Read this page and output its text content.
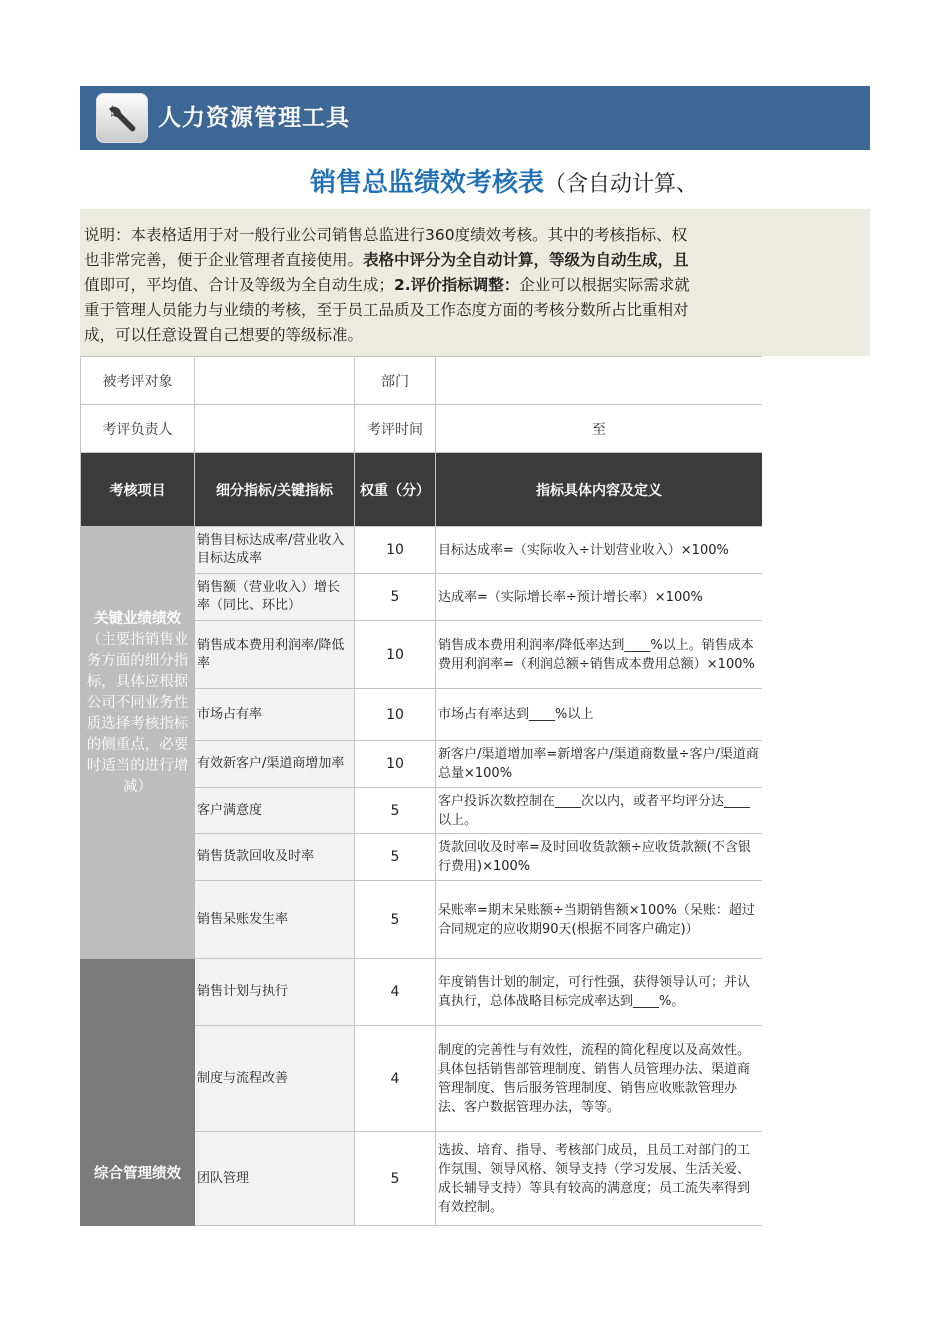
人力资源管理工具
销售总监绩效考核表（含自动计算、
说明：本表格适用于对一般行业公司销售总监进行360度绩效考核。其中的考核指标、权
也非常完善，便于企业管理者直接使用。表格中评分为全自动计算，等级为自动生成，且
值即可，平均值、合计及等级为全自动生成；2.评价指标调整：企业可以根据实际需求就
重于管理人员能力与业绩的考核，至于员工品质及工作态度方面的考核分数所占比重相对
成，可以任意设置自己想要的等级标准。
被考评对象		部门	
考评负责人		考评时间	至
考核项目	细分指标/关键指标	权重（分）	指标具体内容及定义

关键业绩绩效
（主要指销售业务方面的细分指标，具体应根据公司不同业务性质选择考核指标的侧重点，必要时适当的进行增减）	销售目标达成率/营业收入目标达成率	10	目标达成率=（实际收入÷计划营业收入）×100%
	销售额（营业收入）增长率（同比、环比）	5	达成率=（实际增长率÷预计增长率）×100%
	销售成本费用利润率/降低率	10	销售成本费用利润率/降低率达到____%以上。销售成本费用利润率=（利润总额÷销售成本费用总额）×100%
	市场占有率	10	市场占有率达到____%以上
	有效新客户/渠道商增加率	10	新客户/渠道增加率=新增客户/渠道商数量÷客户/渠道商总量×100%
	客户满意度	5	客户投诉次数控制在____次以内，或者平均评分达____以上。
	销售货款回收及时率	5	货款回收及时率=及时回收货款额÷应收货款额(不含银行费用)×100%
	销售呆账发生率	5	呆账率=期末呆账额÷当期销售额×100%（呆账：超过合同规定的应收期90天(根据不同客户确定)）

综合管理绩效	销售计划与执行	4	年度销售计划的制定，可行性强，获得领导认可；并认真执行，总体战略目标完成率达到____%。
	制度与流程改善	4	制度的完善性与有效性，流程的简化程度以及高效性。具体包括销售部管理制度、销售人员管理办法、渠道商管理制度、售后服务管理制度、销售应收账款管理办法、客户数据管理办法，等等。
	团队管理	5	选拔、培育、指导、考核部门成员，且员工对部门的工作氛围、领导风格、领导支持（学习发展、生活关爱、成长辅导支持）等具有较高的满意度；员工流失率得到有效控制。
